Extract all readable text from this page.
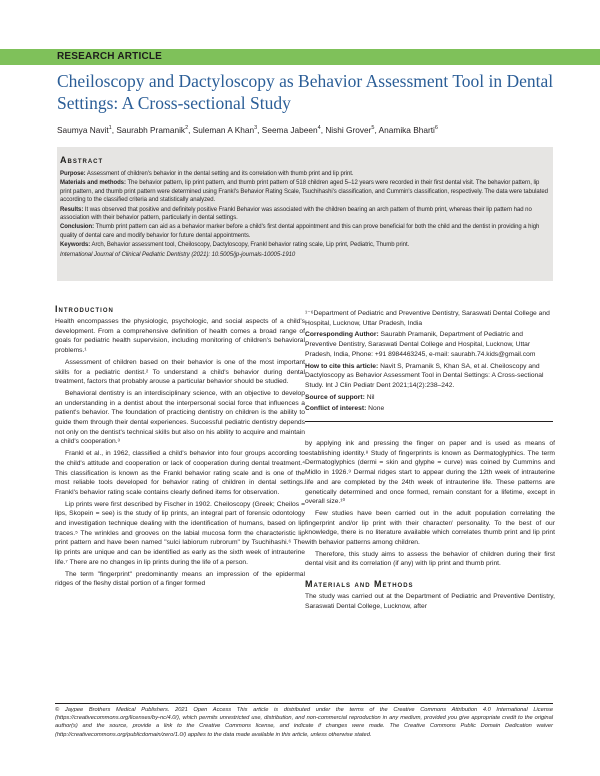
RESEARCH ARTICLE
Cheiloscopy and Dactyloscopy as Behavior Assessment Tool in Dental Settings: A Cross-sectional Study
Saumya Navit$^1$, Saurabh Pramanik$^2$, Suleman A Khan$^3$, Seema Jabeen$^4$, Nishi Grover$^5$, Anamika Bharti$^6$
Abstract

Purpose: Assessment of children's behavior in the dental setting and its correlation with thumb print and lip print.

Materials and methods: The behavior pattern, lip print pattern, and thumb print pattern of 518 children aged 5–12 years were recorded in their first dental visit. The behavior pattern, lip print pattern, and thumb print pattern were determined using Frankl's Behavior Rating Scale, Tsuchihashi's classification, and Cummin's classification, respectively. The data were tabulated according to the classified criteria and statistically analyzed.

Results: It was observed that positive and definitely positive Frankl Behavior was associated with the children bearing an arch pattern of thumb print, whereas their lip pattern had no association with their behavior pattern, particularly in dental settings.

Conclusion: Thumb print pattern can aid as a behavior marker before a child's first dental appointment and this can prove beneficial for both the child and the dentist in providing a high quality of dental care and modify behavior for future dental appointments.

Keywords: Arch, Behavior assessment tool, Cheiloscopy, Dactyloscopy, Frankl behavior rating scale, Lip print, Pediatric, Thumb print.

International Journal of Clinical Pediatric Dentistry (2021): 10.5005/jp-journals-10005-1910

Introduction

Health encompasses the physiologic, psychologic, and social aspects of a child's development. From a comprehensive definition of health comes a broad range of goals for pediatric health supervision, including monitoring of children's behavioral problems.¹

Assessment of children based on their behavior is one of the most important skills for a pediatric dentist.² To understand a child's behavior during dental treatment, factors that probably arouse a particular behavior should be studied.

Behavioral dentistry is an interdisciplinary science, with an objective to develop an understanding in a dentist about the interpersonal social force that influences a patient's behavior. The foundation of practicing dentistry on children is the ability to guide them through their dental experiences. Successful pediatric dentistry depends not only on the dentist's technical skills but also on his ability to acquire and maintain a child's cooperation.³

Frankl et al., in 1962, classified a child's behavior into four groups according to the child's attitude and cooperation or lack of cooperation during dental treatment.⁴ This classification is known as the Frankl behavior rating scale and is one of the most reliable tools developed for behavior rating of children in dental settings. Frankl's behavior rating scale contains clearly defined items for observation.

Lip prints were first described by Fischer in 1902. Cheiloscopy (Greek; Cheilos = lips, Skopein = see) is the study of lip prints, an integral part of forensic odontology and investigation technique dealing with the identification of humans, based on lip traces.⁵ The wrinkles and grooves on the labial mucosa form the characteristic lip print pattern and have been named "sulci labiorum rubrorum" by Tsuchihashi.⁶ The lip prints are unique and can be identified as early as the sixth week of intrauterine life.⁷ There are no changes in lip prints during the life of a person.

The term "fingerprint" predominantly means an impression of the epidermal ridges of the fleshy distal portion of a finger formed

¹⁻⁶Department of Pediatric and Preventive Dentistry, Saraswati Dental College and Hospital, Lucknow, Uttar Pradesh, India

Corresponding Author: Saurabh Pramanik, Department of Pediatric and Preventive Dentistry, Saraswati Dental College and Hospital, Lucknow, Uttar Pradesh, India, Phone: +91 8984463245, e-mail: saurabh.74.kids@gmail.com

How to cite this article: Navit S, Pramanik S, Khan SA, et al. Cheiloscopy and Dactyloscopy as Behavior Assessment Tool in Dental Settings: A Cross-sectional Study. Int J Clin Pediatr Dent 2021;14(2):238–242.

Source of support: Nil

Conflict of interest: None

by applying ink and pressing the finger on paper and is used as means of establishing identity.⁸ Study of fingerprints is known as Dermatoglyphics. The term Dermatoglyphics (dermi = skin and glyphe = curve) was coined by Cummins and Midlo in 1926.⁹ Dermal ridges start to appear during the 12th week of intrauterine life and are completed by the 24th week of intrauterine life. These patterns are genetically determined and once formed, remain constant for a lifetime, except in overall size.¹⁰

Few studies have been carried out in the adult population correlating the fingerprint and/or lip print with their character/ personality. To the best of our knowledge, there is no literature available which correlates thumb print and lip print with behavior patterns among children.

Therefore, this study aims to assess the behavior of children during their first dental visit and its correlation (if any) with lip print and thumb print.

Materials and Methods

The study was carried out at the Department of Pediatric and Preventive Dentistry, Saraswati Dental College, Lucknow, after

© Jaypee Brothers Medical Publishers. 2021 Open Access This article is distributed under the terms of the Creative Commons Attribution 4.0 International License (https://creativecommons.org/licenses/by-nc/4.0/), which permits unrestricted use, distribution, and non-commercial reproduction in any medium, provided you give appropriate credit to the original author(s) and the source, provide a link to the Creative Commons license, and indicate if changes were made. The Creative Commons Public Domain Dedication waiver (http://creativecommons.org/publicdomain/zero/1.0/) applies to the data made available in this article, unless otherwise stated.
